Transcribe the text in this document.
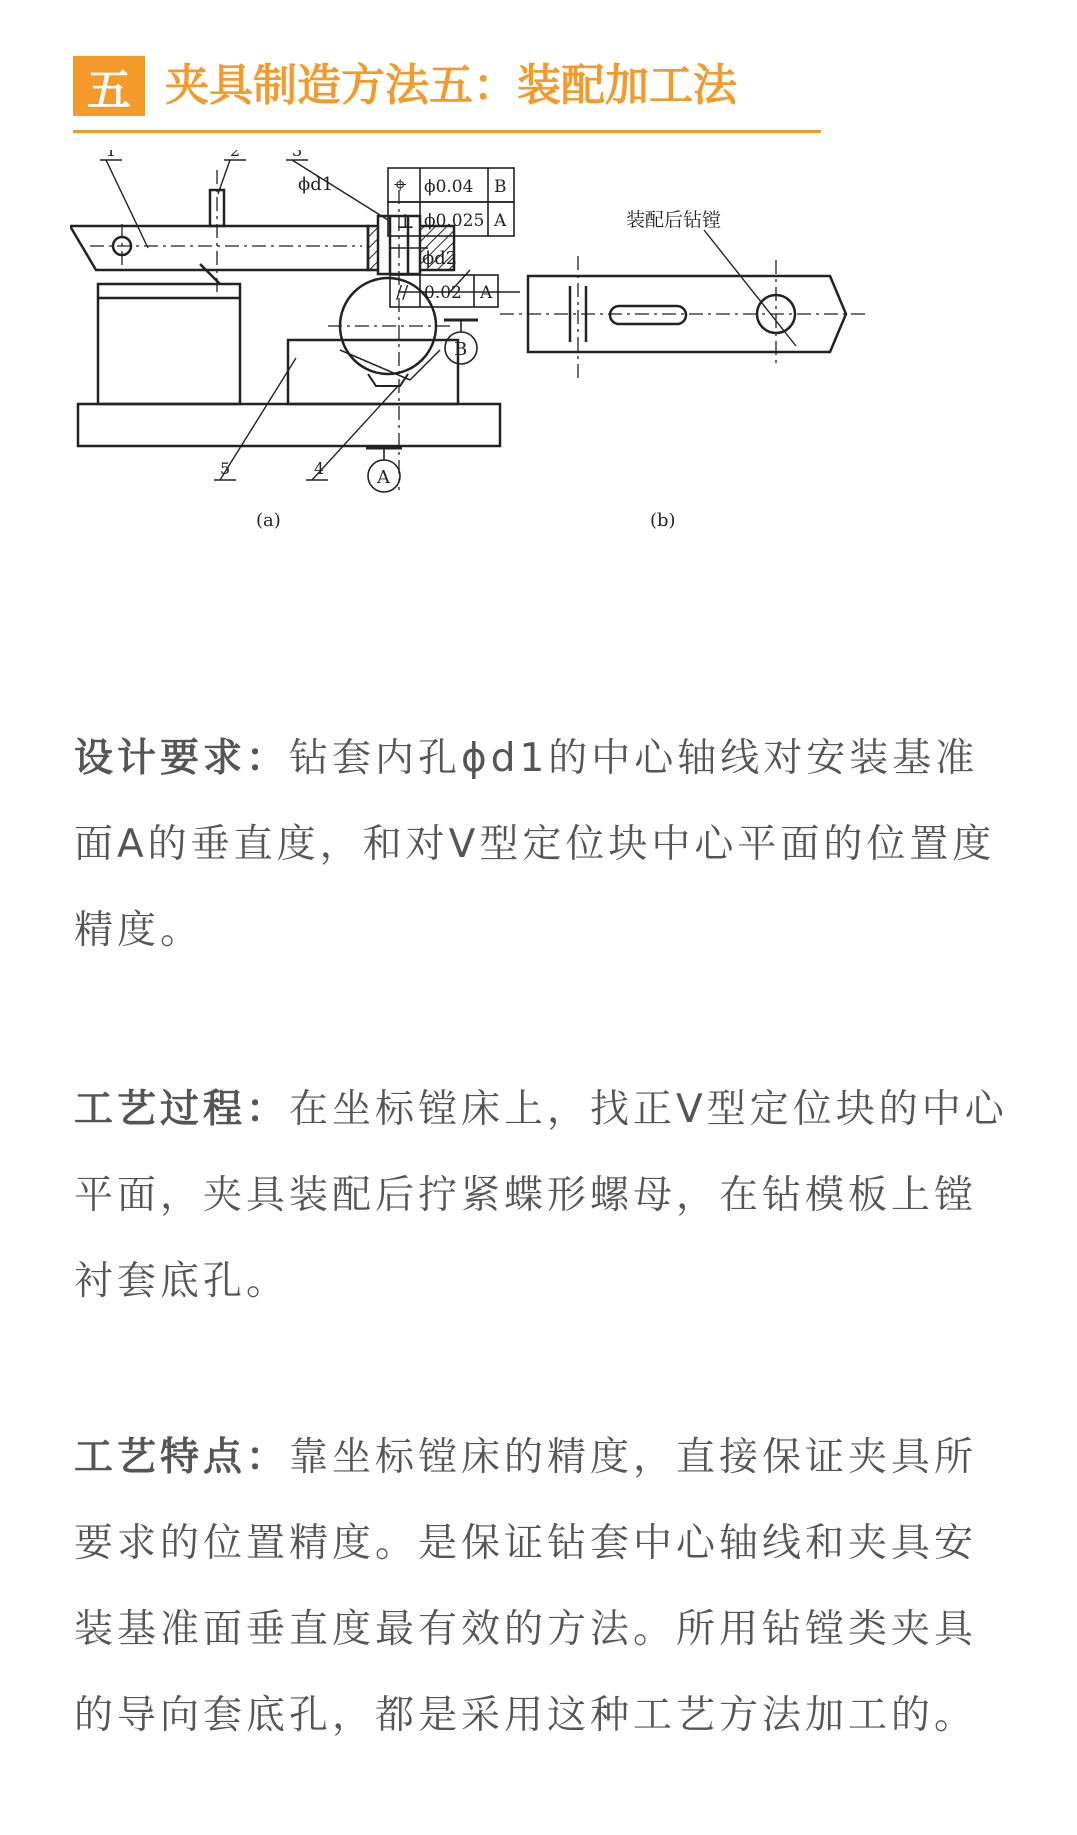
五 夹具制造方法五：装配加工法
1	2	3
5	4
ϕd1
ϕd2
⌖ ϕ0.04 B
⊥ ϕ0.025 A
// 0.02 A
B
A
(a)
装配后钻镗
(b)

设计要求：钻套内孔ϕd1的中心轴线对安装基准面A的垂直度，和对V型定位块中心平面的位置度精度。

工艺过程：在坐标镗床上，找正V型定位块的中心平面，夹具装配后拧紧蝶形螺母，在钻模板上镗衬套底孔。

工艺特点：靠坐标镗床的精度，直接保证夹具所要求的位置精度。是保证钻套中心轴线和夹具安装基准面垂直度最有效的方法。所用钻镗类夹具的导向套底孔，都是采用这种工艺方法加工的。
